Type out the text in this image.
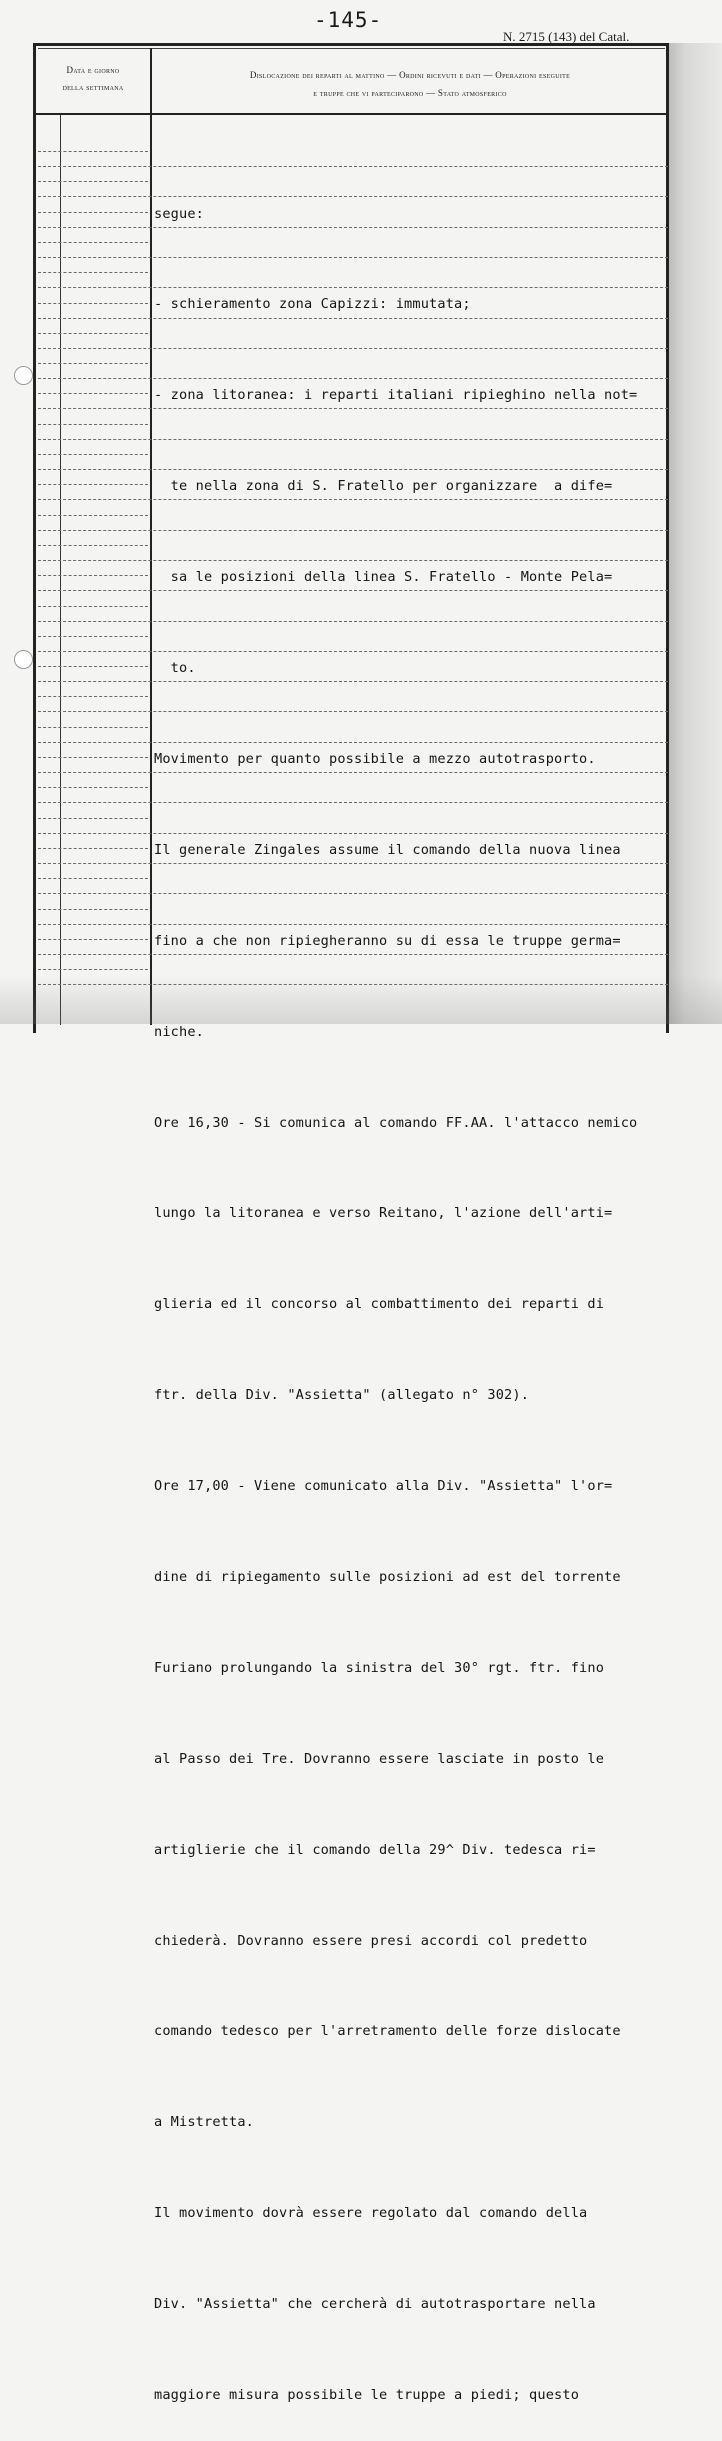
-145-
N. 2715 (143) del Catal.
Data e giorno
della settimana
Dislocazione dei reparti al mattino — Ordini ricevuti e dati — Operazioni eseguite
e truppe che vi parteciparono — Stato atmosferico

segue:

- schieramento zona Capizzi: immutata;

- zona litoranea: i reparti italiani ripieghino nella not=

te nella zona di S. Fratello per organizzare  a dife=

sa le posizioni della linea S. Fratello - Monte Pela=

to.

Movimento per quanto possibile a mezzo autotrasporto.

Il generale Zingales assume il comando della nuova linea

fino a che non ripiegheranno su di essa le truppe germa=

niche.

Ore 16,30 - Si comunica al comando FF.AA. l'attacco nemico

lungo la litoranea e verso Reitano, l'azione dell'arti=

glieria ed il concorso al combattimento dei reparti di

ftr. della Div. "Assietta" (allegato n° 302).

Ore 17,00 - Viene comunicato alla Div. "Assietta" l'or=

dine di ripiegamento sulle posizioni ad est del torrente

Furiano prolungando la sinistra del 30° rgt. ftr. fino

al Passo dei Tre. Dovranno essere lasciate in posto le

artiglierie che il comando della 29^ Div. tedesca ri=

chiederà. Dovranno essere presi accordi col predetto

comando tedesco per l'arretramento delle forze dislocate

a Mistretta.

Il movimento dovrà essere regolato dal comando della

Div. "Assietta" che cercherà di autotrasportare nella

maggiore misura possibile le truppe a piedi; questo
